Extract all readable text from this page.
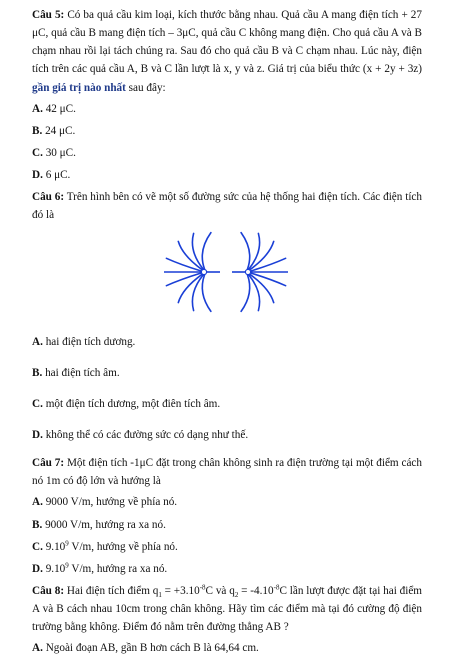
Câu 5: Có ba quả cầu kim loại, kích thước bằng nhau. Quả cầu A mang điện tích + 27 μC, quả cầu B mang điện tích – 3μC, quả cầu C không mang điện. Cho quả cầu A và B chạm nhau rồi lại tách chúng ra. Sau đó cho quả cầu B và C chạm nhau. Lúc này, điện tích trên các quả cầu A, B và C lần lượt là x, y và z. Giá trị của biểu thức (x + 2y + 3z) gần giá trị nào nhất sau đây:

A. 42 μC.

B. 24 μC.

C. 30 μC.

D. 6 μC.

Câu 6: Trên hình bên có vẽ một số đường sức của hệ thống hai điện tích. Các điện tích đó là

A. hai điện tích dương.

B. hai điện tích âm.

C. một điện tích dương, một điên tích âm.

D. không thể có các đường sức có dạng như thế.

Câu 7: Một điện tích -1μC đặt trong chân không sinh ra điện trường tại một điểm cách nó 1m có độ lớn và hướng là

A. 9000 V/m, hướng về phía nó.

B. 9000 V/m, hướng ra xa nó.

C. 9.10$^9$ V/m, hướng về phía nó.

D. 9.10$^9$ V/m, hướng ra xa nó.

Câu 8: Hai điện tích điểm $q_1 = +3.10^{-8}C$ và $q_2 = -4.10^{-8}C$ lần lượt được đặt tại hai điểm A và B cách nhau 10cm trong chân không. Hãy tìm các điểm mà tại đó cường độ điện trường bằng không. Điểm đó nằm trên đường thẳng AB ?

A. Ngoài đoạn AB, gần B hơn cách B là 64,64 cm.
